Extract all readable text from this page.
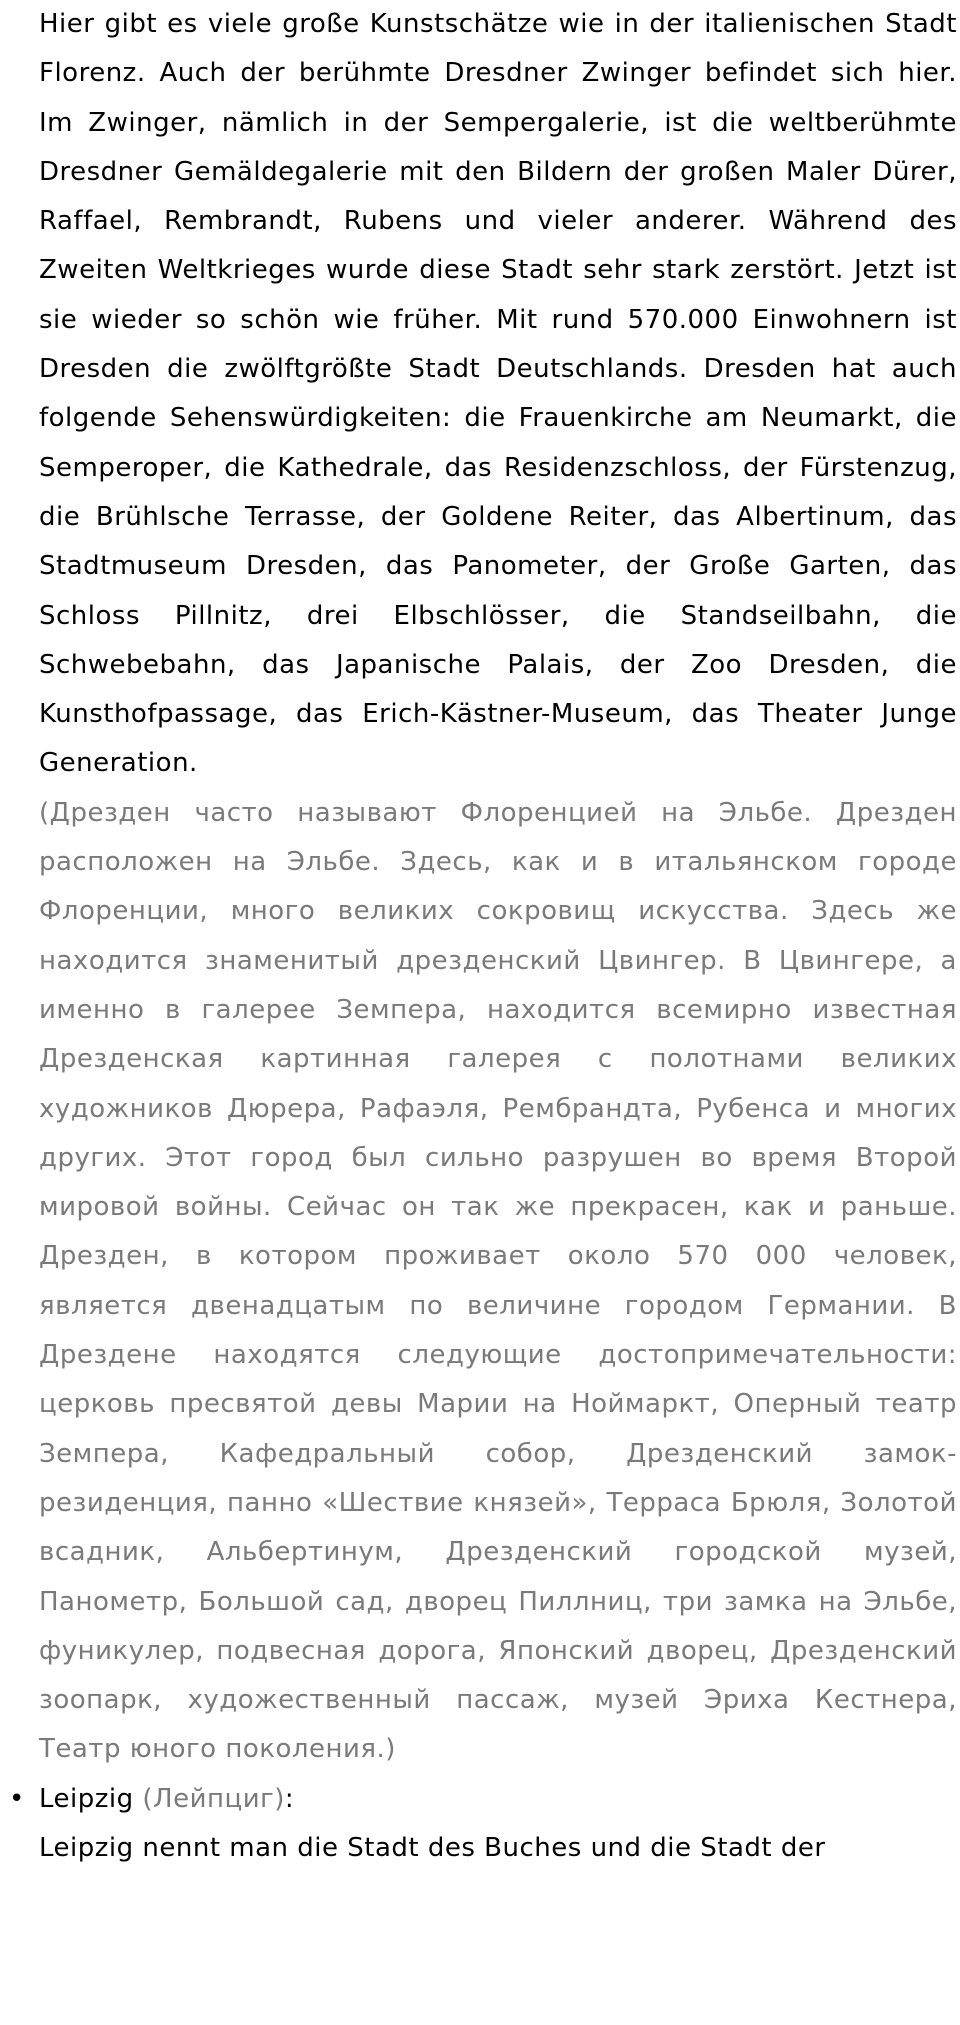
Hier gibt es viele große Kunstschätze wie in der italienischen Stadt Florenz. Auch der berühmte Dresdner Zwinger befindet sich hier. Im Zwinger, nämlich in der Sempergalerie, ist die weltberühmte Dresdner Gemäldegalerie mit den Bildern der großen Maler Dürer, Raffael, Rembrandt, Rubens und vieler anderer. Während des Zweiten Weltkrieges wurde diese Stadt sehr stark zerstört. Jetzt ist sie wieder so schön wie früher. Mit rund 570.000 Einwohnern ist Dresden die zwölftgrößte Stadt Deutschlands. Dresden hat auch folgende Sehenswürdigkeiten: die Frauenkirche am Neumarkt, die Semperoper, die Kathedrale, das Residenzschloss, der Fürstenzug, die Brühlsche Terrasse, der Goldene Reiter, das Albertinum, das Stadtmuseum Dresden, das Panometer, der Große Garten, das Schloss Pillnitz, drei Elbschlösser, die Standseilbahn, die Schwebebahn, das Japanische Palais, der Zoo Dresden, die Kunsthofpassage, das Erich-Kästner-Museum, das Theater Junge Generation.

(Дрезден часто называют Флоренцией на Эльбе. Дрезден расположен на Эльбе. Здесь, как и в итальянском городе Флоренции, много великих сокровищ искусства. Здесь же находится знаменитый дрезденский Цвингер. В Цвингере, а именно в галерее Земпера, находится всемирно известная Дрезденская картинная галерея с полотнами великих художников Дюрера, Рафаэля, Рембрандта, Рубенса и многих других. Этот город был сильно разрушен во время Второй мировой войны. Сейчас он так же прекрасен, как и раньше. Дрезден, в котором проживает около 570 000 человек, является двенадцатым по величине городом Германии. В Дрездене находятся следующие достопримечательности: церковь пресвятой девы Марии на Ноймаркт, Оперный театр Земпера, Кафедральный собор, Дрезденский замок-резиденция, панно «Шествие князей», Терраса Брюля, Золотой всадник, Альбертинум, Дрезденский городской музей, Панометр, Большой сад, дворец Пиллниц, три замка на Эльбе, фуникулер, подвесная дорога, Японский дворец, Дрезденский зоопарк, художественный пассаж, музей Эриха Кестнера, Театр юного поколения.)

• Leipzig (Лейпциг):

Leipzig nennt man die Stadt des Buches und die Stadt der
